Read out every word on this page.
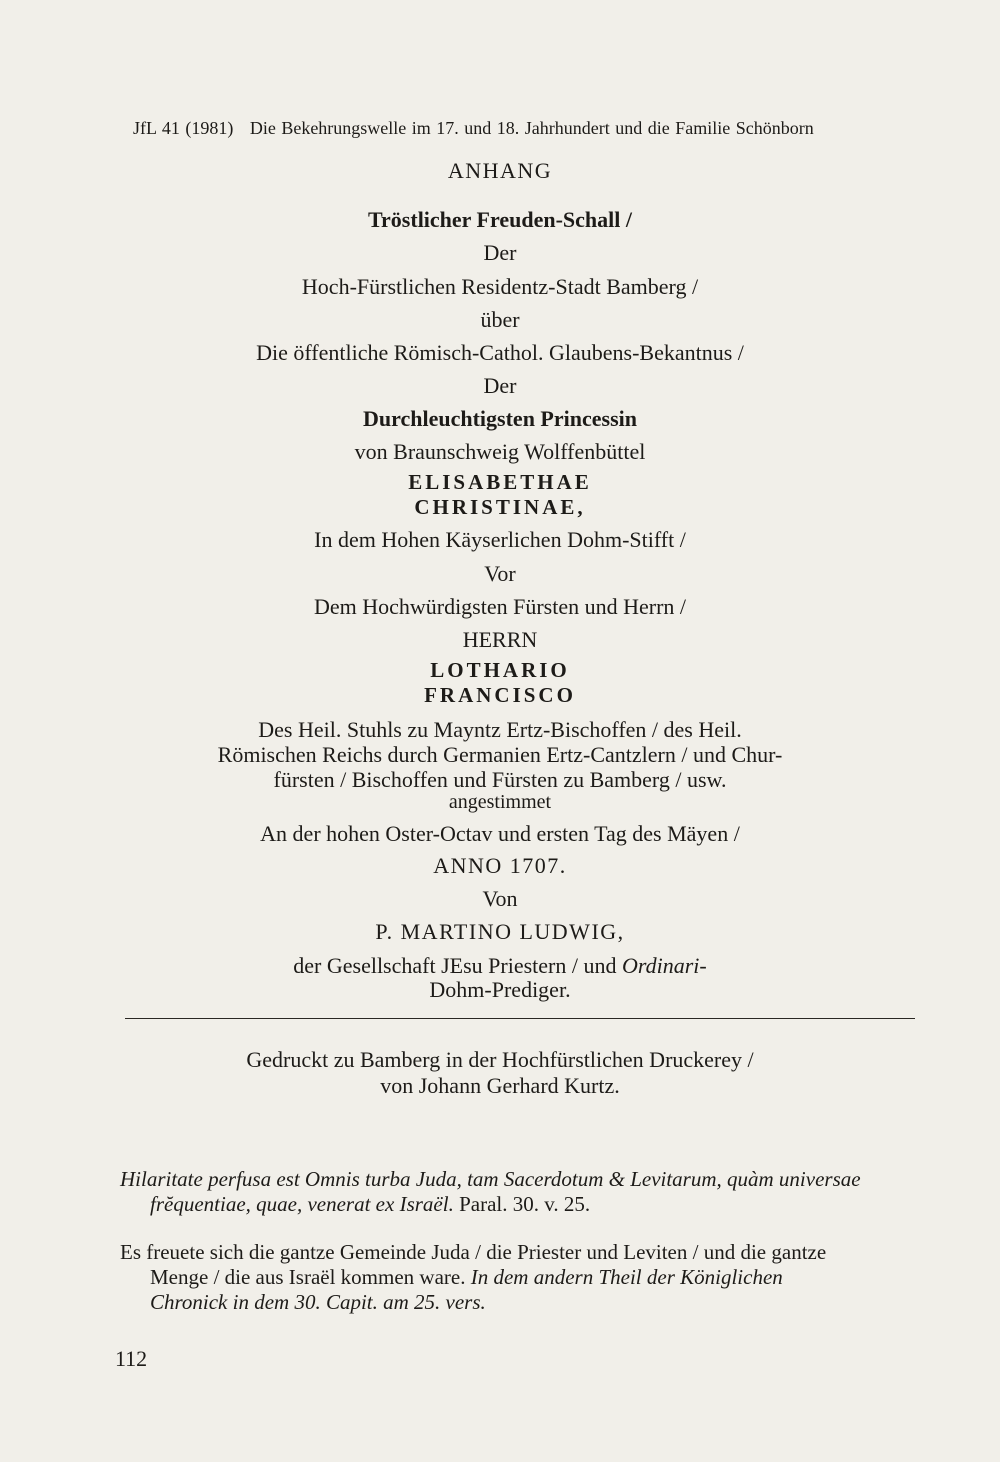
JfL 41 (1981) Die Bekehrungswelle im 17. und 18. Jahrhundert und die Familie Schönborn
ANHANG
Tröstlicher Freuden-Schall /
Der
Hoch-Fürstlichen Residentz-Stadt Bamberg /
über
Die öffentliche Römisch-Cathol. Glaubens-Bekantnus /
Der
Durchleuchtigsten Princessin
von Braunschweig Wolffenbüttel
ELISABETHAE
CHRISTINAE,
In dem Hohen Käyserlichen Dohm-Stifft /
Vor
Dem Hochwürdigsten Fürsten und Herrn /
HERRN
LOTHARIO
FRANCISCO
Des Heil. Stuhls zu Mayntz Ertz-Bischoffen / des Heil.
Römischen Reichs durch Germanien Ertz-Cantzlern / und Chur-
fürsten / Bischoffen und Fürsten zu Bamberg / usw.
angestimmet
An der hohen Oster-Octav und ersten Tag des Mäyen /
ANNO 1707.
Von
P. MARTINO LUDWIG,
der Gesellschaft JEsu Priestern / und Ordinari-
Dohm-Prediger.
Gedruckt zu Bamberg in der Hochfürstlichen Druckerey /
von Johann Gerhard Kurtz.
Hilaritate perfusa est Omnis turba Juda, tam Sacerdotum & Levitarum, quàm universae
frĕquentiae, quae, venerat ex Israël. Paral. 30. v. 25.
Es freuete sich die gantze Gemeinde Juda / die Priester und Leviten / und die gantze
Menge / die aus Israël kommen ware. In dem andern Theil der Königlichen
Chronick in dem 30. Capit. am 25. vers.
112
